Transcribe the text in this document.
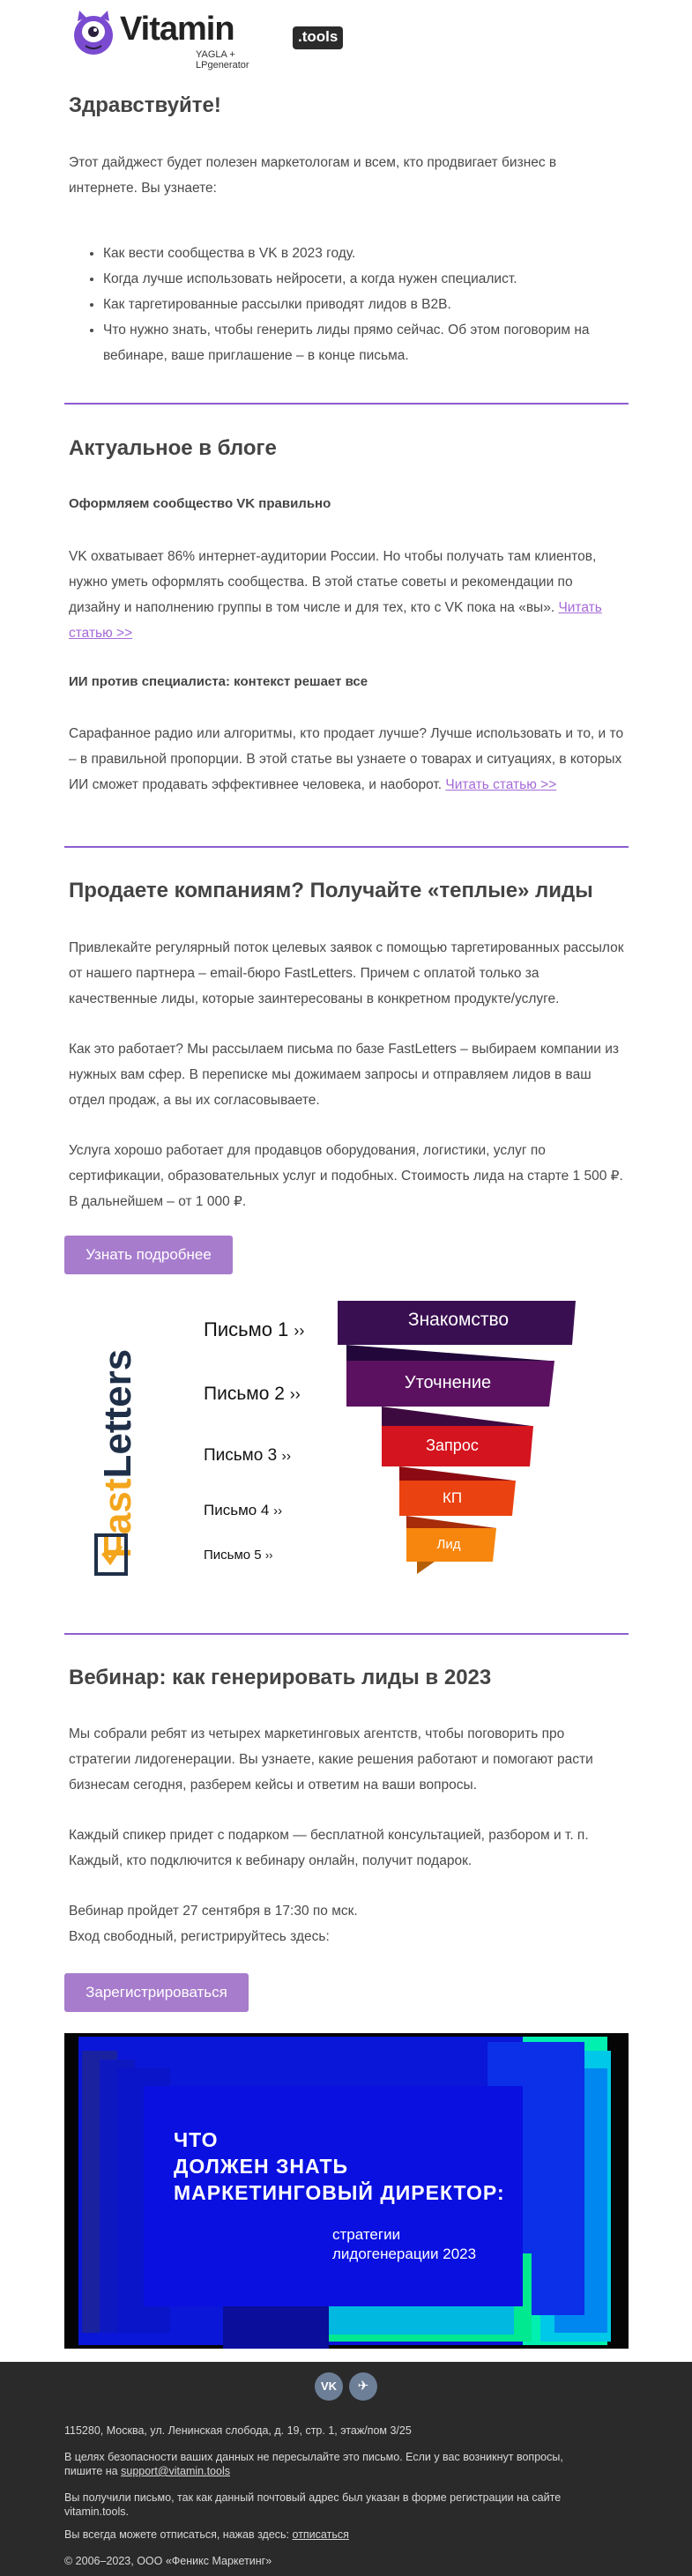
Vitamin	.tools
YAGLA + LPgenerator
Здравствуйте!

Этот дайджест будет полезен маркетологам и всем, кто продвигает бизнес в интернете. Вы узнаете:

• Как вести сообщества в VK в 2023 году.
• Когда лучше использовать нейросети, а когда нужен специалист.
• Как таргетированные рассылки приводят лидов в B2B.
• Что нужно знать, чтобы генерить лиды прямо сейчас. Об этом поговорим на вебинаре, ваше приглашение – в конце письма.
Актуальное в блоге
Оформляем сообщество VK правильно

VK охватывает 86% интернет-аудитории России. Но чтобы получать там клиентов, нужно уметь оформлять сообщества. В этой статье советы и рекомендации по дизайну и наполнению группы в том числе и для тех, кто с VK пока на «вы». Читать статью >>

ИИ против специалиста: контекст решает все

Сарафанное радио или алгоритмы, кто продает лучше? Лучше использовать и то, и то – в правильной пропорции. В этой статье вы узнаете о товарах и ситуациях, в которых ИИ сможет продавать эффективнее человека, и наоборот. Читать статью >>

Продаете компаниям? Получайте «теплые» лиды

Привлекайте регулярный поток целевых заявок с помощью таргетированных рассылок от нашего партнера – email-бюро FastLetters. Причем с оплатой только за качественные лиды, которые заинтересованы в конкретном продукте/услуге.

Как это работает? Мы рассылаем письма по базе FastLetters – выбираем компании из нужных вам сфер. В переписке мы дожимаем запросы и отправляем лидов в ваш отдел продаж, а вы их согласовываете.

Услуга хорошо работает для продавцов оборудования, логистики, услуг по сертификации, образовательных услуг и подобных. Стоимость лида на старте 1 500 ₽. В дальнейшем – от 1 000 ₽.

Узнать подробнее
FastLetters
Письмо 1 ››
Письмо 2 ››
Письмо 3 ››
Письмо 4 ››
Письмо 5 ››
Знакомство
Уточнение
Запрос
КП
Лид
Вебинар: как генерировать лиды в 2023

Мы собрали ребят из четырех маркетинговых агентств, чтобы поговорить про стратегии лидогенерации. Вы узнаете, какие решения работают и помогают расти бизнесам сегодня, разберем кейсы и ответим на ваши вопросы.

Каждый спикер придет с подарком — бесплатной консультацией, разбором и т. п. Каждый, кто подключится к вебинару онлайн, получит подарок.

Вебинар пройдет 27 сентября в 17:30 по мск.

Вход свободный, регистрируйтесь здесь:

Зарегистрироваться
ЧТО
ДОЛЖЕН ЗНАТЬ
МАРКЕТИНГОВЫЙ ДИРЕКТОР:
стратегии
лидогенерации 2023

115280, Москва, ул. Ленинская слобода, д. 19, стр. 1, этаж/пом 3/25

В целях безопасности ваших данных не пересылайте это письмо. Если у вас возникнут вопросы, пишите на support@vitamin.tools

Вы получили письмо, так как данный почтовый адрес был указан в форме регистрации на сайте vitamin.tools.

Вы всегда можете отписаться, нажав здесь: отписаться

© 2006–2023, ООО «Феникс Маркетинг»

VK	✈
